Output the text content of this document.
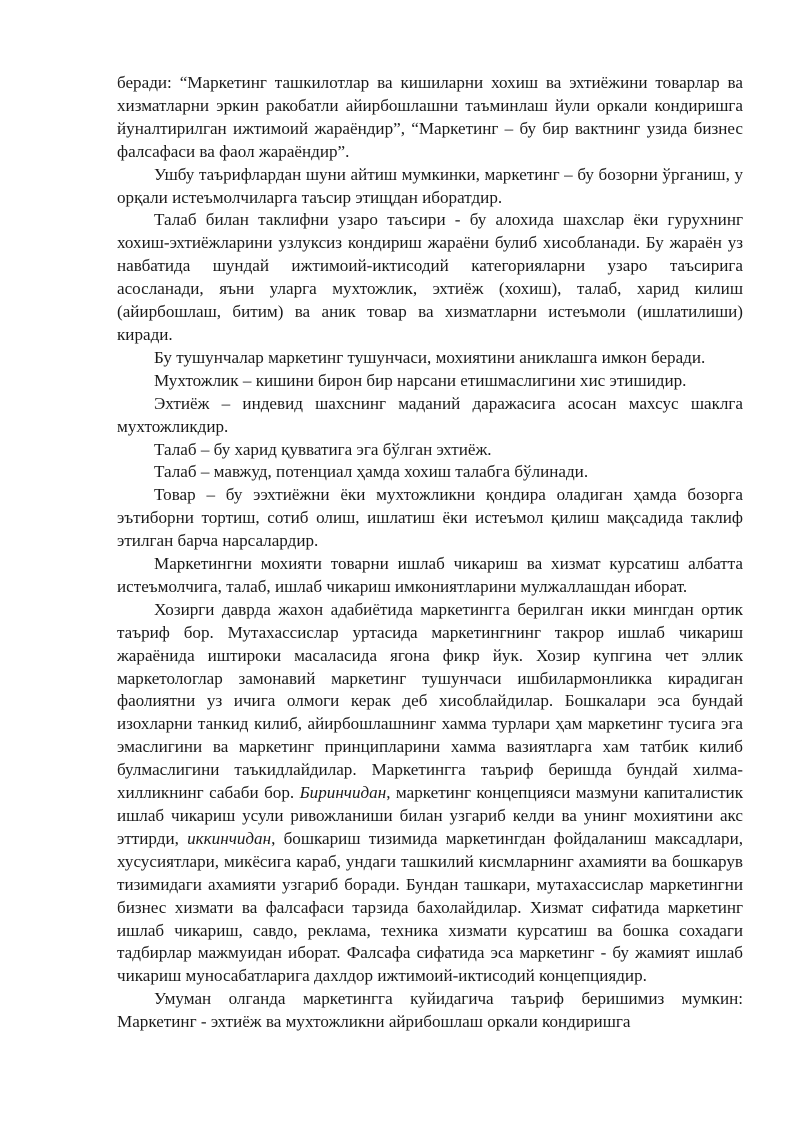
беради: “Маркетинг ташкилотлар ва кишиларни хохиш ва эхтиёжини товарлар ва хизматларни эркин ракобатли айирбошлашни таъминлаш йули оркали кондиришга йуналтирилган ижтимоий жараёндир”, “Маркетинг – бу бир вактнинг узида бизнес фалсафаси ва фаол жараёндир”.

Ушбу таърифлардан шуни айтиш мумкинки, маркетинг – бу бозорни ўрганиш, у орқали истеъмолчиларга таъсир этищдан иборатдир.

Талаб билан таклифни узаро таъсири - бу алохида шахслар ёки гурухнинг хохиш-эхтиёжларини узлуксиз кондириш жараёни булиб хисобланади. Бу жараён уз навбатида шундай ижтимоий-иктисодий категорияларни узаро таъсирига асосланади, яъни уларга мухтожлик, эхтиёж (хохиш), талаб, харид килиш (айирбошлаш, битим) ва аник товар ва хизматларни истеъмоли (ишлатилиши) киради.

Бу тушунчалар маркетинг тушунчаси, мохиятини аниклашга имкон беради.

Мухтожлик – кишини бирон бир нарсани етишмаслигини хис этишидир.

Эхтиёж – индевид шахснинг маданий даражасига асосан махсус шаклга мухтожликдир.

Талаб – бу харид қувватига эга бўлган эхтиёж.

Талаб – мавжуд, потенциал ҳамда хохиш талабга бўлинади.

Товар – бу ээхтиёжни ёки мухтожликни қондира оладиган ҳамда бозорга эътиборни тортиш, сотиб олиш, ишлатиш ёки истеъмол қилиш мақсадида таклиф этилган барча нарсалардир.

Маркетингни мохияти товарни ишлаб чикариш ва хизмат курсатиш албатта истеъмолчига, талаб, ишлаб чикариш имкониятларини мулжаллашдан иборат.

Хозирги даврда жахон адабиётида маркетингга берилган икки мингдан ортик таъриф бор. Мутахассислар уртасида маркетингнинг такрор ишлаб чикариш жараёнида иштироки масаласида ягона фикр йук. Хозир купгина чет эллик маркетологлар замонавий маркетинг тушунчаси ишбилармонликка кирадиган фаолиятни уз ичига олмоги керак деб хисоблайдилар. Бошкалари эса бундай изохларни танкид килиб, айирбошлашнинг хамма турлари ҳам маркетинг тусига эга эмаслигини ва маркетинг принципларини хамма вазиятларга хам татбик килиб булмаслигини таъкидлайдилар. Маркетингга таъриф беришда бундай хилма-хилликнинг сабаби бор. Биринчидан, маркетинг концепцияси мазмуни капиталистик ишлаб чикариш усули ривожланиши билан узгариб келди ва унинг мохиятини акс эттирди, иккинчидан, бошкариш тизимида маркетингдан фойдаланиш максадлари, хусусиятлари, микёсига караб, ундаги ташкилий кисмларнинг ахамияти ва бошкарув тизимидаги ахамияти узгариб боради. Бундан ташкари, мутахассислар маркетингни бизнес хизмати ва фалсафаси тарзида бахолайдилар. Хизмат сифатида маркетинг ишлаб чикариш, савдо, реклама, техника хизмати курсатиш ва бошка сохадаги тадбирлар мажмуидан иборат. Фалсафа сифатида эса маркетинг - бу жамият ишлаб чикариш муносабатларига дахлдор ижтимоий-иктисодий концепциядир.

Умуман олганда маркетингга куйидагича таъриф беришимиз мумкин: Маркетинг - эхтиёж ва мухтожликни айрибошлаш оркали кондиришга
